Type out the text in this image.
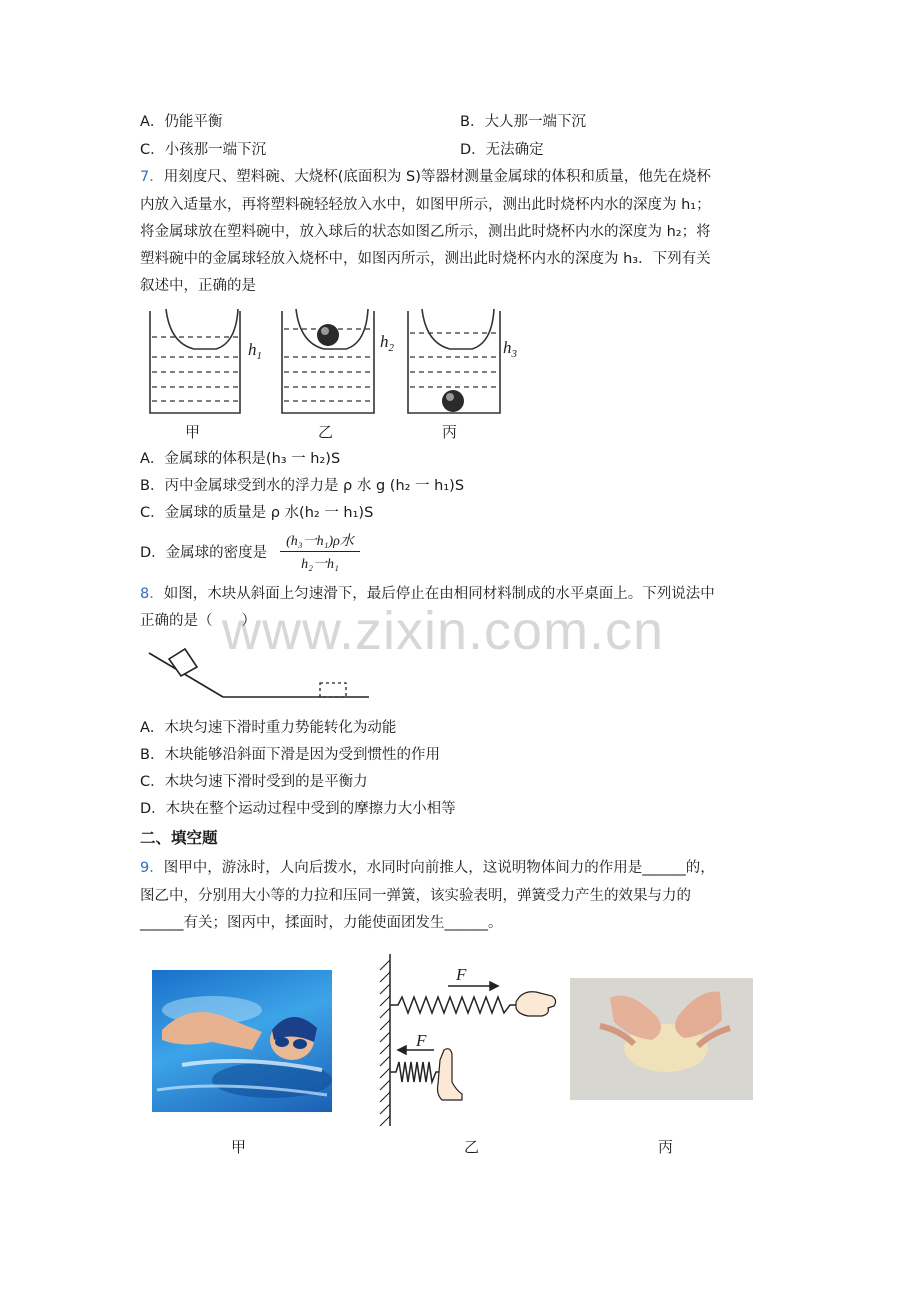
A．仍能平衡	B．大人那一端下沉
C．小孩那一端下沉	D．无法确定
7．用刻度尺、塑料碗、大烧杯(底面积为 S)等器材测量金属球的体积和质量，他先在烧杯
内放入适量水，再将塑料碗轻轻放入水中，如图甲所示，测出此时烧杯内水的深度为 h₁；
将金属球放在塑料碗中，放入球后的状态如图乙所示，测出此时烧杯内水的深度为 h₂；将
塑料碗中的金属球轻放入烧杯中，如图丙所示，测出此时烧杯内水的深度为 h₃．下列有关
叙述中，正确的是
$h_1$
$h_2$	$h_3$
甲	乙	丙
A．金属球的体积是(h₃ 一 h₂)S
B．丙中金属球受到水的浮力是 ρ 水 g (h₂ 一 h₁)S
C．金属球的质量是 ρ 水(h₂ 一 h₁)S
D．金属球的密度是
(h₃一h₁)ρ水
h₂一h₁
www.zixin.com.cn
8．如图，木块从斜面上匀速滑下，最后停止在由相同材料制成的水平桌面上。下列说法中
正确的是（　　）
A．木块匀速下滑时重力势能转化为动能
B．木块能够沿斜面下滑是因为受到惯性的作用
C．木块匀速下滑时受到的是平衡力
D．木块在整个运动过程中受到的摩擦力大小相等
二、填空题
9．图甲中，游泳时，人向后拨水，水同时向前推人，这说明物体间力的作用是______的，
图乙中，分别用大小等的力拉和压同一弹簧，该实验表明，弹簧受力产生的效果与力的
______有关；图丙中，揉面时，力能使面团发生______。
F
F
甲	乙	丙
